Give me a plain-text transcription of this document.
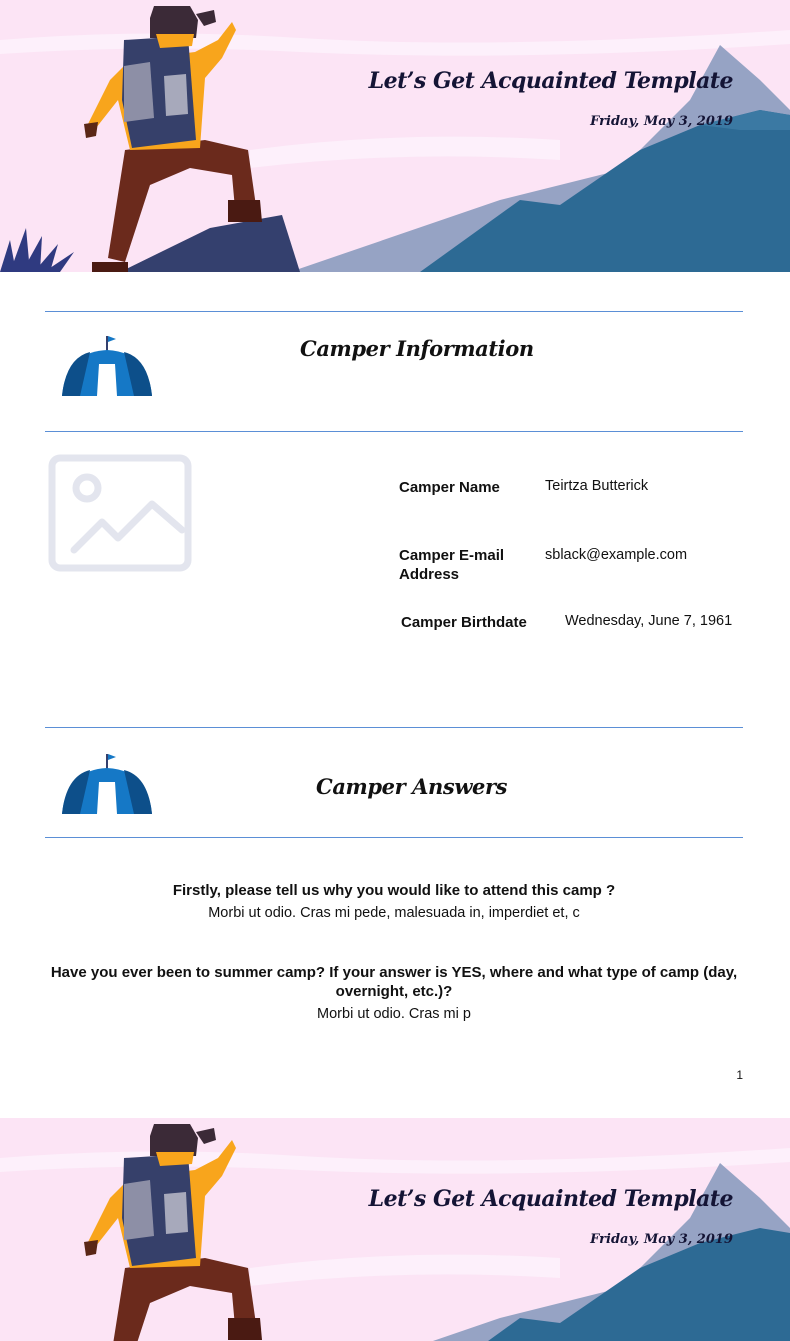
Let’s Get Acquainted Template
Friday, May 3, 2019
Camper Information
Camper Name	Teirtza Butterick
Camper E-mail Address
sblack@example.com
Camper Birthdate	Wednesday, June 7, 1961
Camper Answers
Firstly, please tell us why you would like to attend this camp ?
Morbi ut odio. Cras mi pede, malesuada in, imperdiet et, c
Have you ever been to summer camp? If your answer is YES, where and what type of camp (day, overnight, etc.)?
Morbi ut odio. Cras mi p
1
Let’s Get Acquainted Template
Friday, May 3, 2019
